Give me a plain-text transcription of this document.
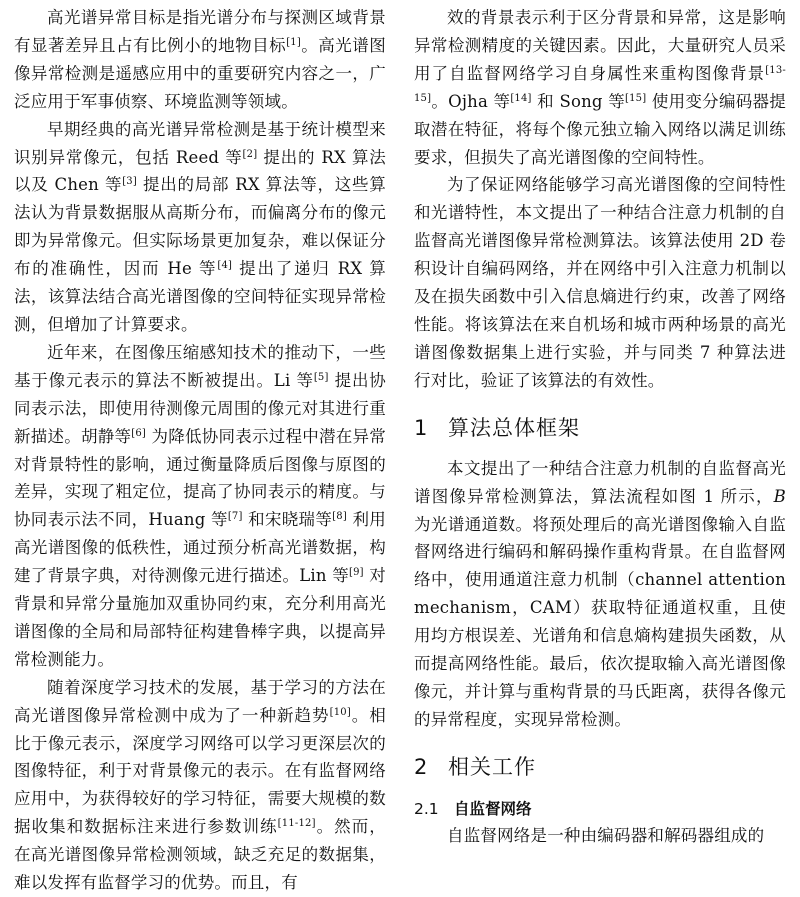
高光谱异常目标是指光谱分布与探测区域背景有显著差异且占有比例小的地物目标[1]。高光谱图像异常检测是遥感应用中的重要研究内容之一，广泛应用于军事侦察、环境监测等领域。

早期经典的高光谱异常检测是基于统计模型来识别异常像元，包括 Reed 等[2] 提出的 RX 算法以及 Chen 等[3] 提出的局部 RX 算法等，这些算法认为背景数据服从高斯分布，而偏离分布的像元即为异常像元。但实际场景更加复杂，难以保证分布的准确性，因而 He 等[4] 提出了递归 RX 算法，该算法结合高光谱图像的空间特征实现异常检测，但增加了计算要求。

近年来，在图像压缩感知技术的推动下，一些基于像元表示的算法不断被提出。Li 等[5] 提出协同表示法，即使用待测像元周围的像元对其进行重新描述。胡静等[6] 为降低协同表示过程中潜在异常对背景特性的影响，通过衡量降质后图像与原图的差异，实现了粗定位，提高了协同表示的精度。与协同表示法不同，Huang 等[7] 和宋晓瑞等[8] 利用高光谱图像的低秩性，通过预分析高光谱数据，构建了背景字典，对待测像元进行描述。Lin 等[9] 对背景和异常分量施加双重协同约束，充分利用高光谱图像的全局和局部特征构建鲁棒字典，以提高异常检测能力。

随着深度学习技术的发展，基于学习的方法在高光谱图像异常检测中成为了一种新趋势[10]。相比于像元表示，深度学习网络可以学习更深层次的图像特征，利于对背景像元的表示。在有监督网络应用中，为获得较好的学习特征，需要大规模的数据收集和数据标注来进行参数训练[11-12]。然而，在高光谱图像异常检测领域，缺乏充足的数据集，难以发挥有监督学习的优势。而且，有

效的背景表示利于区分背景和异常，这是影响异常检测精度的关键因素。因此，大量研究人员采用了自监督网络学习自身属性来重构图像背景[13-15]。Ojha 等[14] 和 Song 等[15] 使用变分编码器提取潜在特征，将每个像元独立输入网络以满足训练要求，但损失了高光谱图像的空间特性。

为了保证网络能够学习高光谱图像的空间特性和光谱特性，本文提出了一种结合注意力机制的自监督高光谱图像异常检测算法。该算法使用 2D 卷积设计自编码网络，并在网络中引入注意力机制以及在损失函数中引入信息熵进行约束，改善了网络性能。将该算法在来自机场和城市两种场景的高光谱图像数据集上进行实验，并与同类 7 种算法进行对比，验证了该算法的有效性。

1 算法总体框架

本文提出了一种结合注意力机制的自监督高光谱图像异常检测算法，算法流程如图 1 所示，B 为光谱通道数。将预处理后的高光谱图像输入自监督网络进行编码和解码操作重构背景。在自监督网络中，使用通道注意力机制（channel attention mechanism，CAM）获取特征通道权重，且使用均方根误差、光谱角和信息熵构建损失函数，从而提高网络性能。最后，依次提取输入高光谱图像像元，并计算与重构背景的马氏距离，获得各像元的异常程度，实现异常检测。

2 相关工作
2.1 自监督网络

自监督网络是一种由编码器和解码器组成的
